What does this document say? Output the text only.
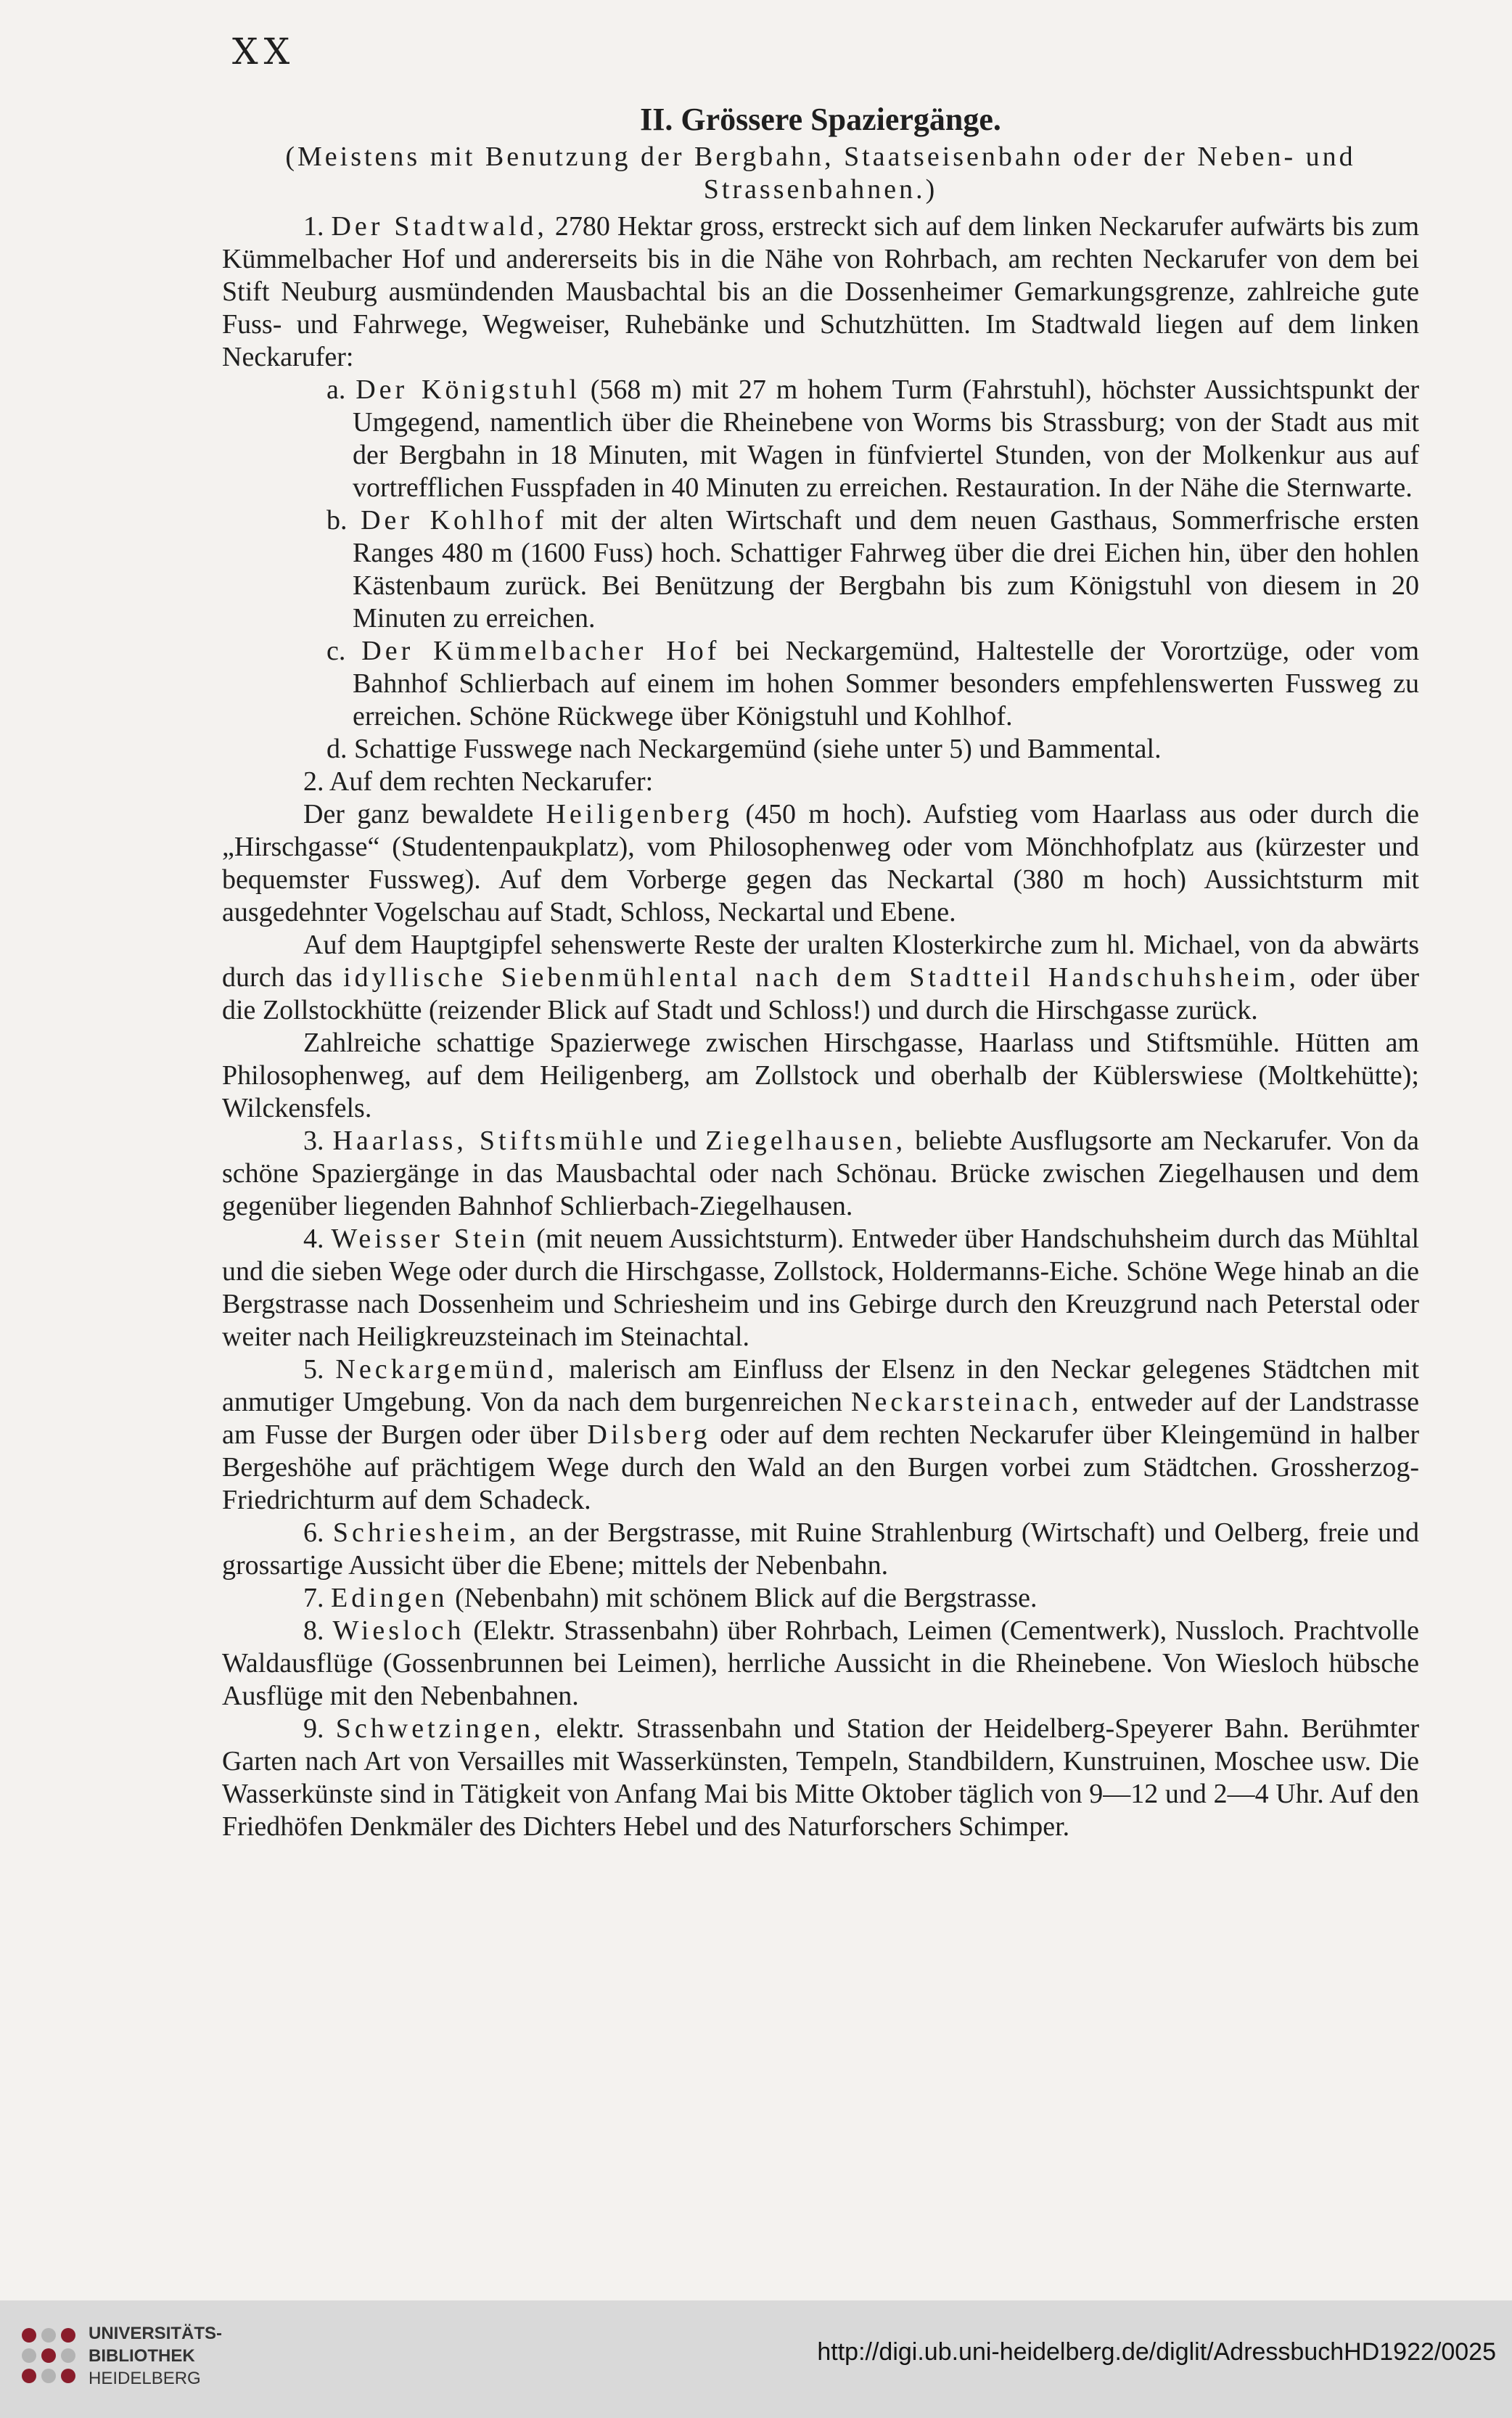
XX
II. Grössere Spaziergänge.
(Meistens mit Benutzung der Bergbahn, Staatseisenbahn oder der Neben- und Strassenbahnen.)

1. Der Stadtwald, 2780 Hektar gross, erstreckt sich auf dem linken Neckarufer aufwärts bis zum Kümmelbacher Hof und andererseits bis in die Nähe von Rohrbach, am rechten Neckarufer von dem bei Stift Neuburg ausmündenden Mausbachtal bis an die Dossenheimer Gemarkungsgrenze, zahlreiche gute Fuss- und Fahrwege, Wegweiser, Ruhebänke und Schutzhütten. Im Stadtwald liegen auf dem linken Neckarufer:

a. Der Königstuhl (568 m) mit 27 m hohem Turm (Fahrstuhl), höchster Aussichtspunkt der Umgegend, namentlich über die Rheinebene von Worms bis Strassburg; von der Stadt aus mit der Bergbahn in 18 Minuten, mit Wagen in fünfviertel Stunden, von der Molkenkur aus auf vortrefflichen Fusspfaden in 40 Minuten zu erreichen. Restauration. In der Nähe die Sternwarte.

b. Der Kohlhof mit der alten Wirtschaft und dem neuen Gasthaus, Sommerfrische ersten Ranges 480 m (1600 Fuss) hoch. Schattiger Fahrweg über die drei Eichen hin, über den hohlen Kästenbaum zurück. Bei Benützung der Bergbahn bis zum Königstuhl von diesem in 20 Minuten zu erreichen.

c. Der Kümmelbacher Hof bei Neckargemünd, Haltestelle der Vorortzüge, oder vom Bahnhof Schlierbach auf einem im hohen Sommer besonders empfehlenswerten Fussweg zu erreichen. Schöne Rückwege über Königstuhl und Kohlhof.

d. Schattige Fusswege nach Neckargemünd (siehe unter 5) und Bammental.

2. Auf dem rechten Neckarufer:

Der ganz bewaldete Heiligenberg (450 m hoch). Aufstieg vom Haarlass aus oder durch die „Hirschgasse“ (Studentenpaukplatz), vom Philosophenweg oder vom Mönchhofplatz aus (kürzester und bequemster Fussweg). Auf dem Vorberge gegen das Neckartal (380 m hoch) Aussichtsturm mit ausgedehnter Vogelschau auf Stadt, Schloss, Neckartal und Ebene.

Auf dem Hauptgipfel sehenswerte Reste der uralten Klosterkirche zum hl. Michael, von da abwärts durch das idyllische Siebenmühlental nach dem Stadtteil Handschuhsheim, oder über die Zollstockhütte (reizender Blick auf Stadt und Schloss!) und durch die Hirschgasse zurück.

Zahlreiche schattige Spazierwege zwischen Hirschgasse, Haarlass und Stiftsmühle. Hütten am Philosophenweg, auf dem Heiligenberg, am Zollstock und oberhalb der Küblerswiese (Moltkehütte); Wilckensfels.

3. Haarlass, Stiftsmühle und Ziegelhausen, beliebte Ausflugsorte am Neckarufer. Von da schöne Spaziergänge in das Mausbachtal oder nach Schönau. Brücke zwischen Ziegelhausen und dem gegenüber liegenden Bahnhof Schlierbach-Ziegelhausen.

4. Weisser Stein (mit neuem Aussichtsturm). Entweder über Handschuhsheim durch das Mühltal und die sieben Wege oder durch die Hirschgasse, Zollstock, Holdermanns-Eiche. Schöne Wege hinab an die Bergstrasse nach Dossenheim und Schriesheim und ins Gebirge durch den Kreuzgrund nach Peterstal oder weiter nach Heiligkreuzsteinach im Steinachtal.

5. Neckargemünd, malerisch am Einfluss der Elsenz in den Neckar gelegenes Städtchen mit anmutiger Umgebung. Von da nach dem burgenreichen Neckarsteinach, entweder auf der Landstrasse am Fusse der Burgen oder über Dilsberg oder auf dem rechten Neckarufer über Kleingemünd in halber Bergeshöhe auf prächtigem Wege durch den Wald an den Burgen vorbei zum Städtchen. Grossherzog-Friedrichturm auf dem Schadeck.

6. Schriesheim, an der Bergstrasse, mit Ruine Strahlenburg (Wirtschaft) und Oelberg, freie und grossartige Aussicht über die Ebene; mittels der Nebenbahn.

7. Edingen (Nebenbahn) mit schönem Blick auf die Bergstrasse.

8. Wiesloch (Elektr. Strassenbahn) über Rohrbach, Leimen (Cementwerk), Nussloch. Prachtvolle Waldausflüge (Gossenbrunnen bei Leimen), herrliche Aussicht in die Rheinebene. Von Wiesloch hübsche Ausflüge mit den Nebenbahnen.

9. Schwetzingen, elektr. Strassenbahn und Station der Heidelberg-Speyerer Bahn. Berühmter Garten nach Art von Versailles mit Wasserkünsten, Tempeln, Standbildern, Kunstruinen, Moschee usw. Die Wasserkünste sind in Tätigkeit von Anfang Mai bis Mitte Oktober täglich von 9—12 und 2—4 Uhr. Auf den Friedhöfen Denkmäler des Dichters Hebel und des Naturforschers Schimper.

UNIVERSITÄTS-
BIBLIOTHEK
HEIDELBERG
http://digi.ub.uni-heidelberg.de/diglit/AdressbuchHD1922/0025
